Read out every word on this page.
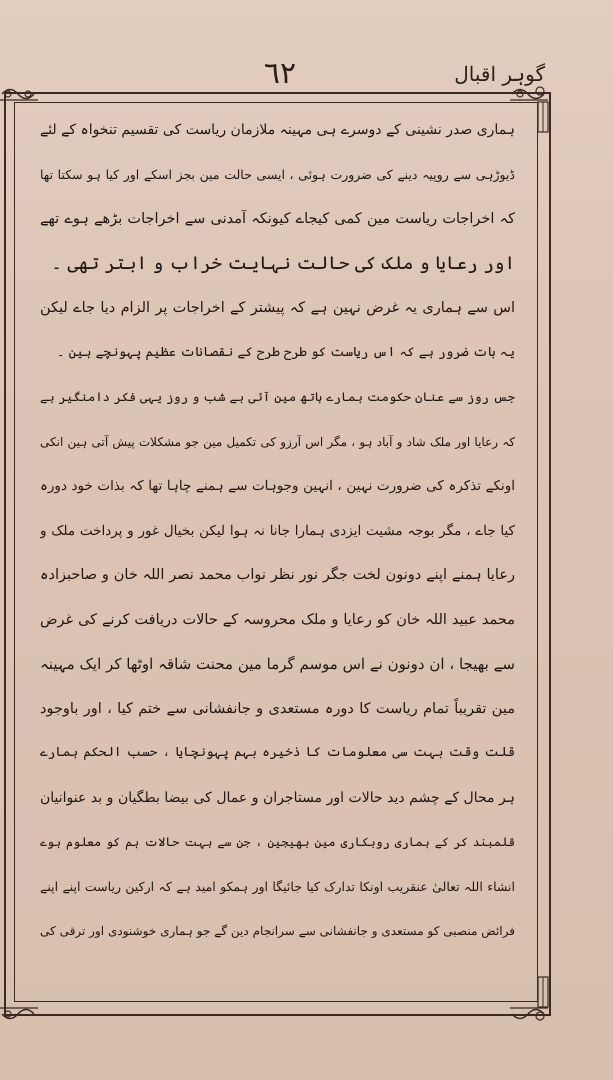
٦٢	گوہر اقبال
ہماری صدر نشینی کے دوسرے ہی مہینہ ملازمان ریاست کی تقسیم تنخواہ کے لئے
ڈیوڑہی سے روپیہ دینے کی ضرورت ہوئی ، ایسی حالت مین بجز اسکے اور کیا ہو سکتا تھا
کہ اخراجات ریاست مین کمی کیجاے کیونکہ آمدنی سے اخراجات بڑھے ہوے تھے
اور رعایا و ملک کی حالت نہایت خراب و ابتر تھی ۔
اس سے ہماری یہ غرض نہین ہے کہ پیشتر کے اخراجات پر الزام دیا جاے لیکن
یہ بات ضرور ہے کہ اس ریاست کو طرح طرح کے نقصانات عظیم پہونچے ہین ۔
جس روز سے عنان حکومت ہمارے ہاتھ مین آئی ہے شب و روز یہی فکر دامنگیر ہے
کہ رعایا اور ملک شاد و آباد ہو ، مگر اس آرزو کی تکمیل مین جو مشکلات پیش آتی ہین انکی
اونکے تذکرہ کی ضرورت نہین ، انہین وجوہات سے ہمنے چاہا تھا کہ بذات خود دورہ
کیا جاے ، مگر بوجہ مشیت ایزدی ہمارا جانا نہ ہوا لیکن بخیال غور و پرداخت ملک و
رعایا ہمنے اپنے دونون لخت جگر نور نظر نواب محمد نصر اللہ خان و صاحبزادہ
محمد عبید اللہ خان کو رعایا و ملک محروسہ کے حالات دریافت کرنے کی غرض
سے بھیجا ، ان دونون نے اس موسم گرما مین محنت شاقہ اوٹھا کر ایک مہینہ
مین تقریباً تمام ریاست کا دورہ مستعدی و جانفشانی سے ختم کیا ، اور باوجود
قلت وقت بہت سی معلومات کا ذخیرہ بہم پہونچایا ، حسب الحکم ہمارے
ہر محال کے چشم دید حالات اور مستاجران و عمال کی بیضا بطگیان و بد عنوانیان
قلمبند کر کے ہماری روبکاری مین بھیجین ، جن سے بہت حالات ہم کو معلوم ہوے
انشاء اللہ تعالیٰ عنقریب اونکا تدارک کیا جائیگا اور ہمکو امید ہے کہ ارکین ریاست اپنے اپنے
فرائض منصبی کو مستعدی و جانفشانی سے سرانجام دین گے جو ہماری خوشنودی اور ترقی کی
